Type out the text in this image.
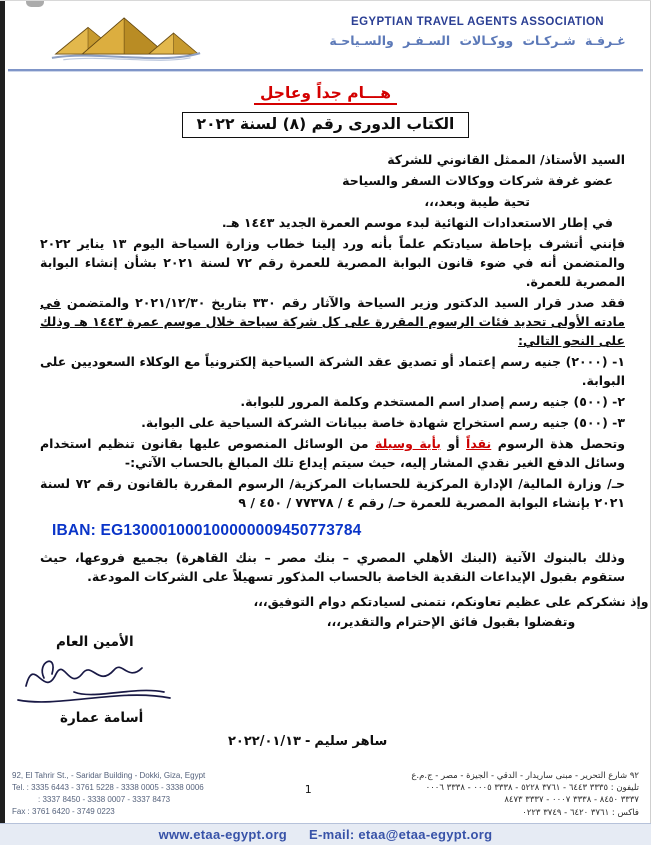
EGYPTIAN TRAVEL AGENTS ASSOCIATION
غـرفـة شـركـات ووكـالات السـفـر والسـياحـة
هـــام جداً وعاجل
الكتاب الدورى رقم (٨) لسنة ٢٠٢٢
السيد الأستاذ/ الممثل القانوني للشركة
عضو غرفة شركات ووكالات السفر والسياحة
تحية طيبة وبعد،،،
في إطار الاستعدادات النهائية لبدء موسم العمرة الجديد ١٤٤٣ هـ.
فإنني أتشرف بإحاطة سيادتكم علماً بأنه ورد إلينا خطاب وزارة السياحة اليوم ١٣ يناير ٢٠٢٢ والمتضمن أنه في ضوء قانون البوابة المصرية للعمرة رقم ٧٢ لسنة ٢٠٢١ بشأن إنشاء البوابة المصرية للعمرة.
فقد صدر قرار السيد الدكتور وزير السياحة والآثار رقم ٣٣٠ بتاريخ ٢٠٢١/١٢/٣٠ والمتضمن في مادته الأولى تحديد فئات الرسوم المقررة على كل شركة سياحة خلال موسم عمرة ١٤٤٣ هـ وذلك على النحو التالي:
١- (٢٠٠٠) جنيه رسم إعتماد أو تصديق عقد الشركة السياحية إلكترونياً مع الوكلاء السعوديين على البوابة.
٢- (٥٠٠) جنيه رسم إصدار اسم المستخدم وكلمة المرور للبوابة.
٣- (٥٠٠) جنيه رسم استخراج شهادة خاصة ببيانات الشركة السياحية على البوابة.
وتحصل هذة الرسوم نقداً أو بأية وسيلة من الوسائل المنصوص عليها بقانون تنظيم استخدام وسائل الدفع الغير نقدي المشار إليه، حيث سيتم إيداع تلك المبالغ بالحساب الآتي:-
حـ/ وزارة المالية/ الإدارة المركزية للحسابات المركزية/ الرسوم المقررة بالقانون رقم ٧٢ لسنة ٢٠٢١ بإنشاء البوابة المصرية للعمرة حـ/ رقم ٤ / ٧٧٣٧٨ / ٤٥٠ / ٩
IBAN: EG130001000100000009450773784
وذلك بالبنوك الآتية (البنك الأهلي المصري – بنك مصر – بنك القاهرة) بجميع فروعها، حيث ستقوم بقبول الإيداعات النقدية الخاصة بالحساب المذكور تسهيلاً على الشركات المودعة.
وإذ نشكركم على عظيم تعاونكم، نتمنى لسيادتكم دوام التوفيق،،،
وتفضلوا بقبول فائق الإحترام والتقدير،،،
الأمين العام
أسامة عمارة
٢٠٢٢/٠١/١٣ - ساهر سليم
92, El Tahrir St., - Saridar Building - Dokki, Giza, Egypt
Tel. : 3335 6443 - 3761 5228 - 3338 0005 - 3338 0006
: 3337 8450 - 3338 0007 - 3337 8473
Fax : 3761 6420 - 3749 0223
1
٩٢ شارع التحرير - مبنى ساريدار - الدقي - الجيزة - مصر - ج.م.ع
تليفون : ٣٣٣٥ ٦٤٤٣ - ٣٧٦١ ٥٢٢٨ - ٣٣٣٨ ٠٠٠٥ - ٣٣٣٨ ٠٠٠٦
٣٣٣٧ ٨٤٥٠ - ٣٣٣٨ ٠٠٠٧ - ٣٣٣٧ ٨٤٧٣
فاكس : ٣٧٦١ ٦٤٢٠ - ٣٧٤٩ ٠٢٢٣
www.etaa-egypt.org E-mail: etaa@etaa-egypt.org
